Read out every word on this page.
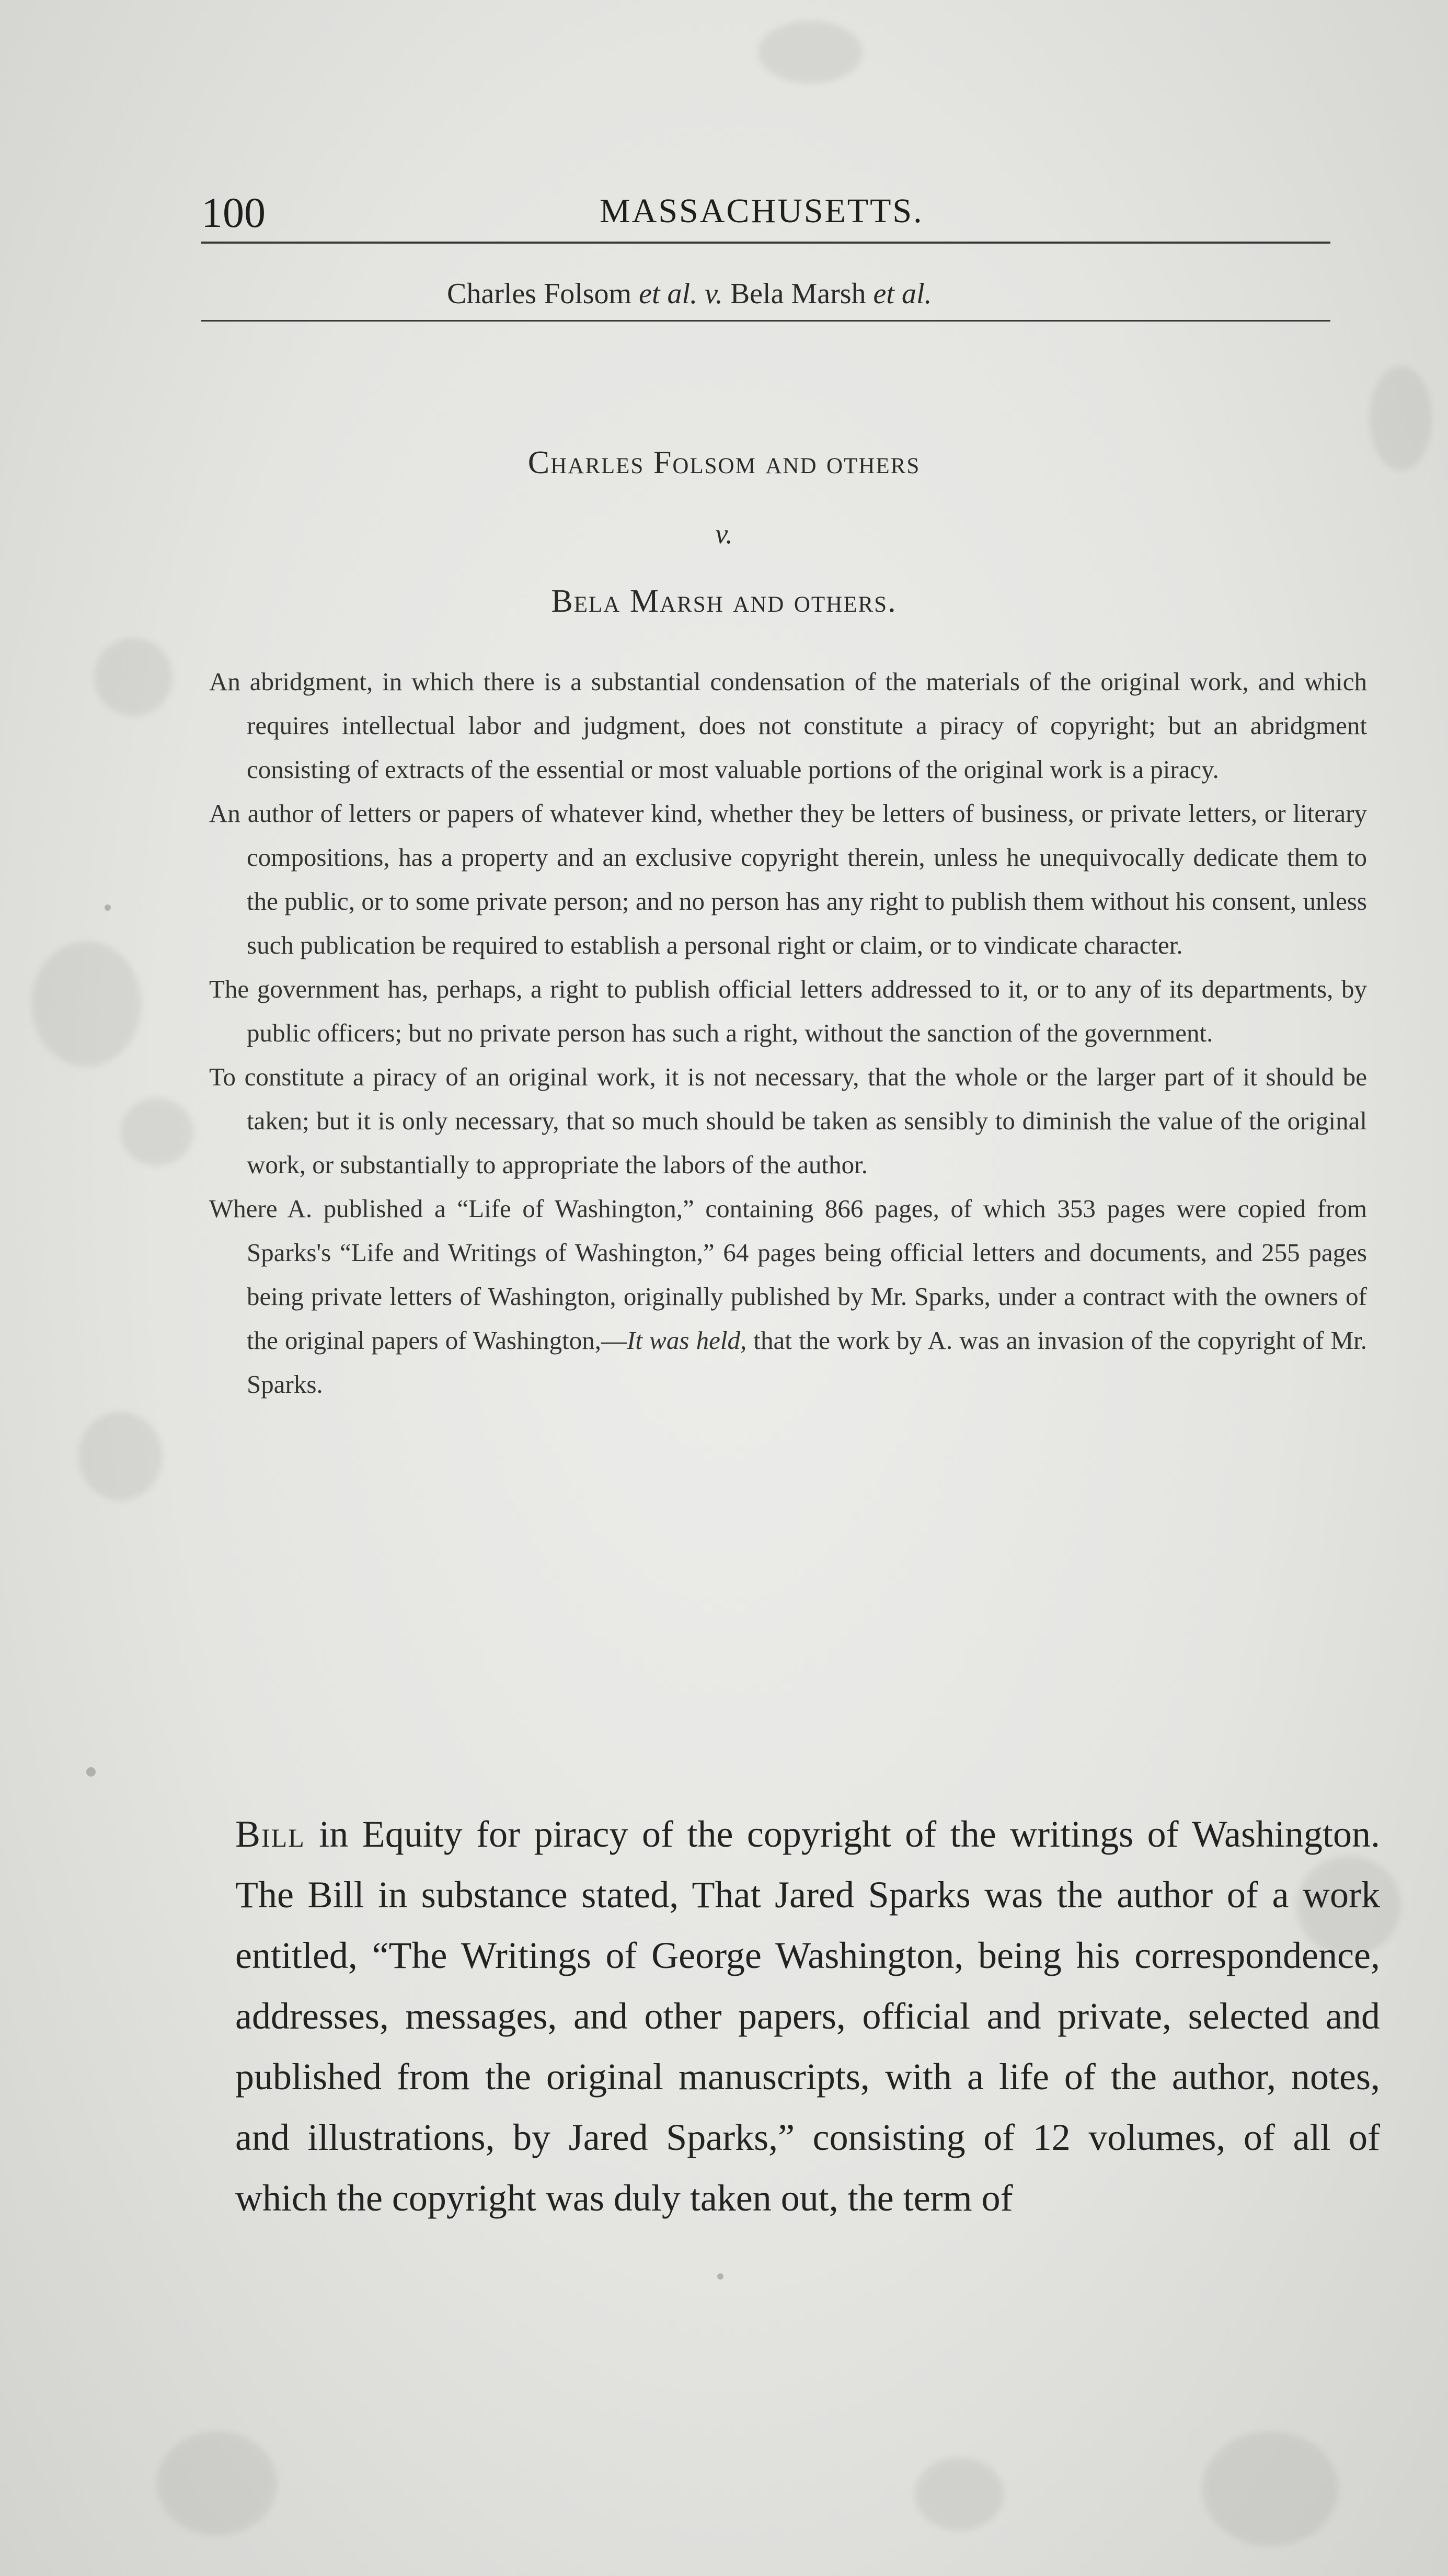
100	MASSACHUSETTS.
Charles Folsom et al. v. Bela Marsh et al.
Charles Folsom and others
v.
Bela Marsh and others.

An abridgment, in which there is a substantial condensation of the materials of the original work, and which requires intellectual labor and judgment, does not constitute a piracy of copyright; but an abridgment consisting of extracts of the essential or most valuable portions of the original work is a piracy.

An author of letters or papers of whatever kind, whether they be letters of business, or private letters, or literary compositions, has a property and an exclusive copyright therein, unless he unequivocally dedicate them to the public, or to some private person; and no person has any right to publish them without his consent, unless such publication be required to establish a personal right or claim, or to vindicate character.

The government has, perhaps, a right to publish official letters addressed to it, or to any of its departments, by public officers; but no private person has such a right, without the sanction of the government.

To constitute a piracy of an original work, it is not necessary, that the whole or the larger part of it should be taken; but it is only necessary, that so much should be taken as sensibly to diminish the value of the original work, or substantially to appropriate the labors of the author.

Where A. published a “Life of Washington,” containing 866 pages, of which 353 pages were copied from Sparks's “Life and Writings of Washington,” 64 pages being official letters and documents, and 255 pages being private letters of Washington, originally published by Mr. Sparks, under a contract with the owners of the original papers of Washington,—It was held, that the work by A. was an invasion of the copyright of Mr. Sparks.

Bill in Equity for piracy of the copyright of the writings of Washington. The Bill in substance stated, That Jared Sparks was the author of a work entitled, “The Writings of George Washington, being his correspondence, addresses, messages, and other papers, official and private, selected and published from the original manuscripts, with a life of the author, notes, and illustrations, by Jared Sparks,” consisting of 12 volumes, of all of which the copyright was duly taken out, the term of
